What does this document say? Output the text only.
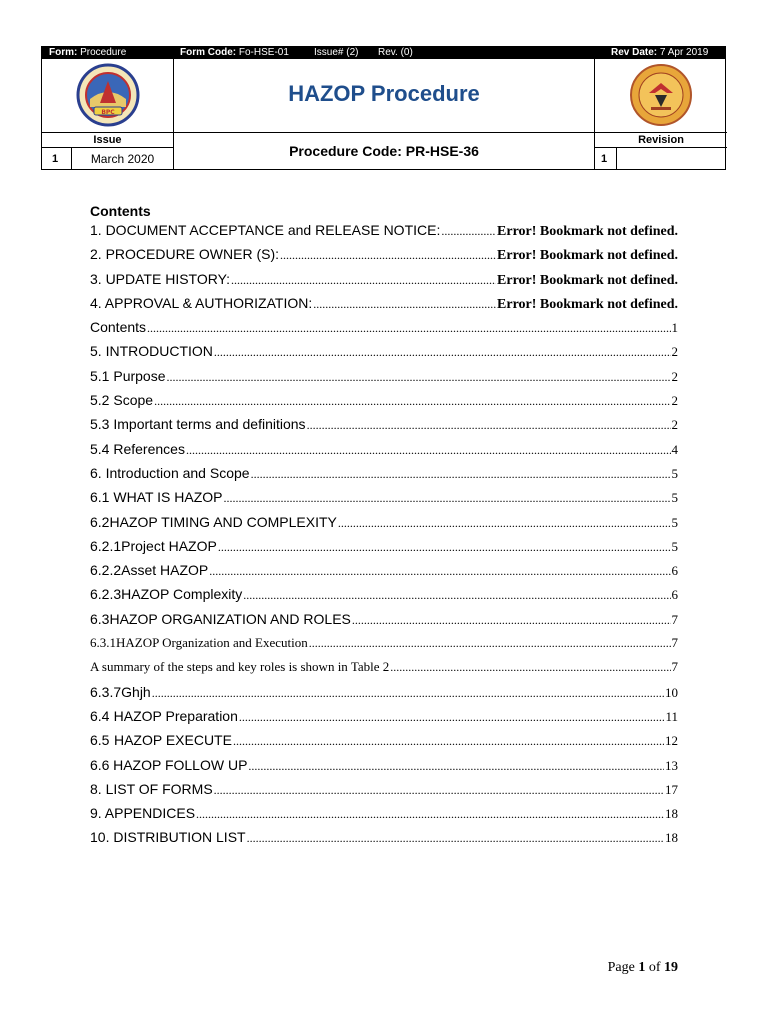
Form: Procedure	Form Code: Fo-HSE-01	Issue# (2) Rev. (0)	Rev Date: 7 Apr 2019
BPC
HAZOP Procedure
Issue
1	March 2020	Procedure Code: PR-HSE-36
Revision
1
Contents
1. DOCUMENT ACCEPTANCE and RELEASE NOTICE: .....	Error! Bookmark not defined.
2. PROCEDURE OWNER (S): .....	Error! Bookmark not defined.
3. UPDATE HISTORY: .....	Error! Bookmark not defined.
4. APPROVAL & AUTHORIZATION: .....	Error! Bookmark not defined.
Contents .....	1
5. INTRODUCTION .....	2
5.1 Purpose .....	2
5.2 Scope .....	2
5.3 Important terms and definitions .....	2
5.4 References .....	4
6. Introduction and Scope .....	5
6.1 WHAT IS HAZOP .....	5
6.2 HAZOP TIMING AND COMPLEXITY .....	5
6.2.1 Project HAZOP .....	5
6.2.2 Asset HAZOP .....	6
6.2.3 HAZOP Complexity .....	6
6.3 HAZOP ORGANIZATION AND ROLES .....	7
6.3.1 HAZOP Organization and Execution .....	7
A summary of the steps and key roles is shown in Table 2 .....	7
6.3.7 Ghjh .....	10
6.4 HAZOP Preparation .....	11
6.5 HAZOP EXECUTE .....	12
6.6 HAZOP FOLLOW UP .....	13
8. LIST OF FORMS .....	17
9. APPENDICES .....	18
10. DISTRIBUTION LIST .....	18
Page 1 of 19
